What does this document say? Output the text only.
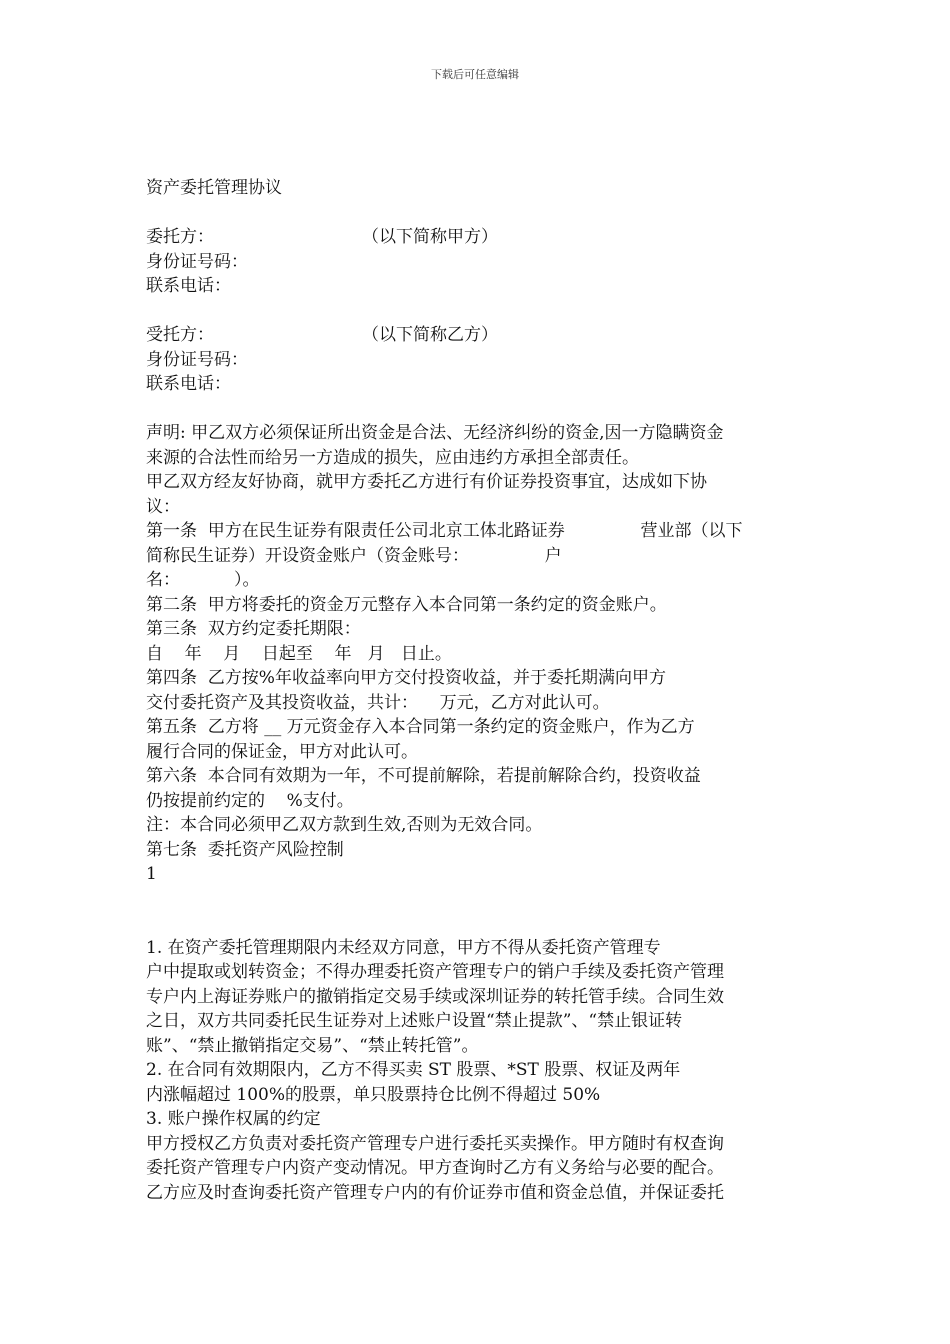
下载后可任意编辑
资产委托管理协议
委托方：	（以下简称甲方）
身份证号码：
联系电话：
受托方：	（以下简称乙方）
身份证号码：
联系电话：
声明: 甲乙双方必须保证所出资金是合法、无经济纠纷的资金,因一方隐瞒资金
来源的合法性而给另一方造成的损失，应由违约方承担全部责任。
甲乙双方经友好协商，就甲方委托乙方进行有价证券投资事宜，达成如下协
议：
第一条  甲方在民生证券有限责任公司北京工体北路证券              营业部（以下
简称民生证券）开设资金账户（资金账号：              户
名：          ）。
第二条  甲方将委托的资金万元整存入本合同第一条约定的资金账户。
第三条  双方约定委托期限：
自    年    月    日起至    年   月   日止。
第四条  乙方按%年收益率向甲方交付投资收益，并于委托期满向甲方
交付委托资产及其投资收益，共计：    万元，乙方对此认可。
第五条  乙方将 __ 万元资金存入本合同第一条约定的资金账户，作为乙方
履行合同的保证金，甲方对此认可。
第六条  本合同有效期为一年，不可提前解除，若提前解除合约，投资收益
仍按提前约定的    %支付。
注：本合同必须甲乙双方款到生效,否则为无效合同。
第七条  委托资产风险控制
1
1. 在资产委托管理期限内未经双方同意，甲方不得从委托资产管理专
户中提取或划转资金；不得办理委托资产管理专户的销户手续及委托资产管理
专户内上海证券账户的撤销指定交易手续或深圳证券的转托管手续。合同生效
之日，双方共同委托民生证券对上述账户设置“禁止提款”、“禁止银证转
账”、“禁止撤销指定交易”、“禁止转托管”。
2. 在合同有效期限内，乙方不得买卖 ST 股票、*ST 股票、权证及两年
内涨幅超过 100%的股票，单只股票持仓比例不得超过 50%
3. 账户操作权属的约定
甲方授权乙方负责对委托资产管理专户进行委托买卖操作。甲方随时有权查询
委托资产管理专户内资产变动情况。甲方查询时乙方有义务给与必要的配合。
乙方应及时查询委托资产管理专户内的有价证券市值和资金总值，并保证委托
